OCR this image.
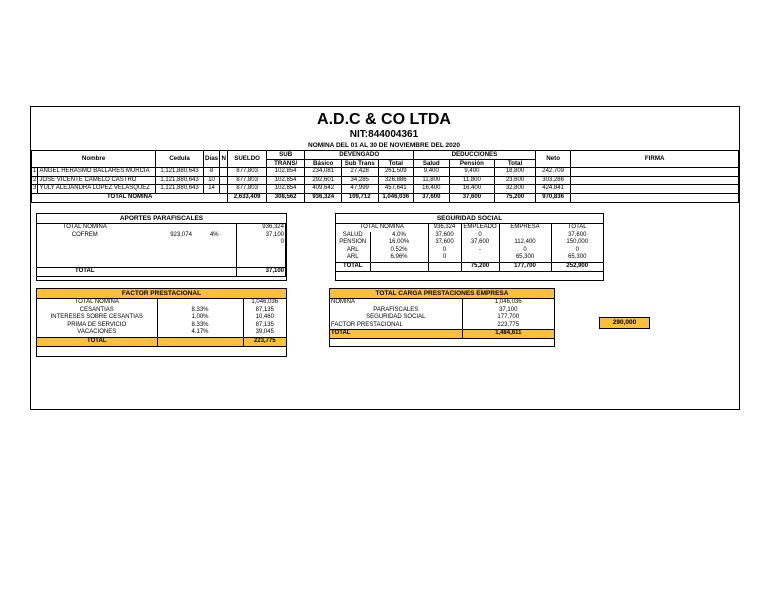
A.D.C & CO LTDA
NIT:844004361
NOMINA DEL 01 AL 30 DE NOVIEMBRE DEL 2020
Nombre		Cedula	Dias	N	SUELDO	SUB	DEVENGADO			DEDUCCIONES			Neto	FIRMA
						TRANS/	Básico	Sub Trans	Total	Salud	Pensión	Total		
1	ANGEL HERASMO BALLARES MURCIA	1,121,880,643	8		877,803	102,854	234,081	27,428	261,509	9,400	9,400	18,800	242,709	
2	JOSE VICENTE CAMELO CASTRO	1,121,880,643	10		877,803	102,854	292,601	34,285	326,886	11,800	11,800	23,600	303,286	
3	YULY ALEJANDRA LOPEZ VELASQUEZ	1,121,880,643	14		877,803	102,854	409,642	47,999	457,641	16,400	16,400	32,800	424,841	
TOTAL NOMINA					2,633,409	308,562	936,324	109,712	1,046,036	37,600	37,600	75,200	970,836	
APORTES PARAFISCALES
TOTAL NOMINA			936,324
COFREM	923,074	4%	37,100
			0

TOTAL			37,100
SEGURIDAD SOCIAL
TOTAL NOMINA		936,324	EMPLEADO	EMPRESA	TOTAL
SALUD	4.0%	37,600	0		37,600
PENSION	16.00%	37,600	37,600	112,400	150,000
ARL	0.52%	0	-	0	0
ARL	6.96%	0		65,300	65,300
TOTAL			75,200	177,700	252,900
FACTOR PRESTACIONAL
TOTAL NOMINA		1,046,036
CESANTIAS	8.33%	87,135
INTERESES SOBRE CESANTIAS	1.00%	10,460
PRIMA DE SERVICIO	8.33%	87,135
VACACIONES	4.17%	39,045
TOTAL		223,775
TOTAL CARGA PRESTACIONES EMPRESA
NOMINA	1,046,036
PARAFISCALES	37,100
SEGURIDAD SOCIAL	177,700
FACTOR PRESTACIONAL	223,775
TOTAL	1,484,611
290,000
